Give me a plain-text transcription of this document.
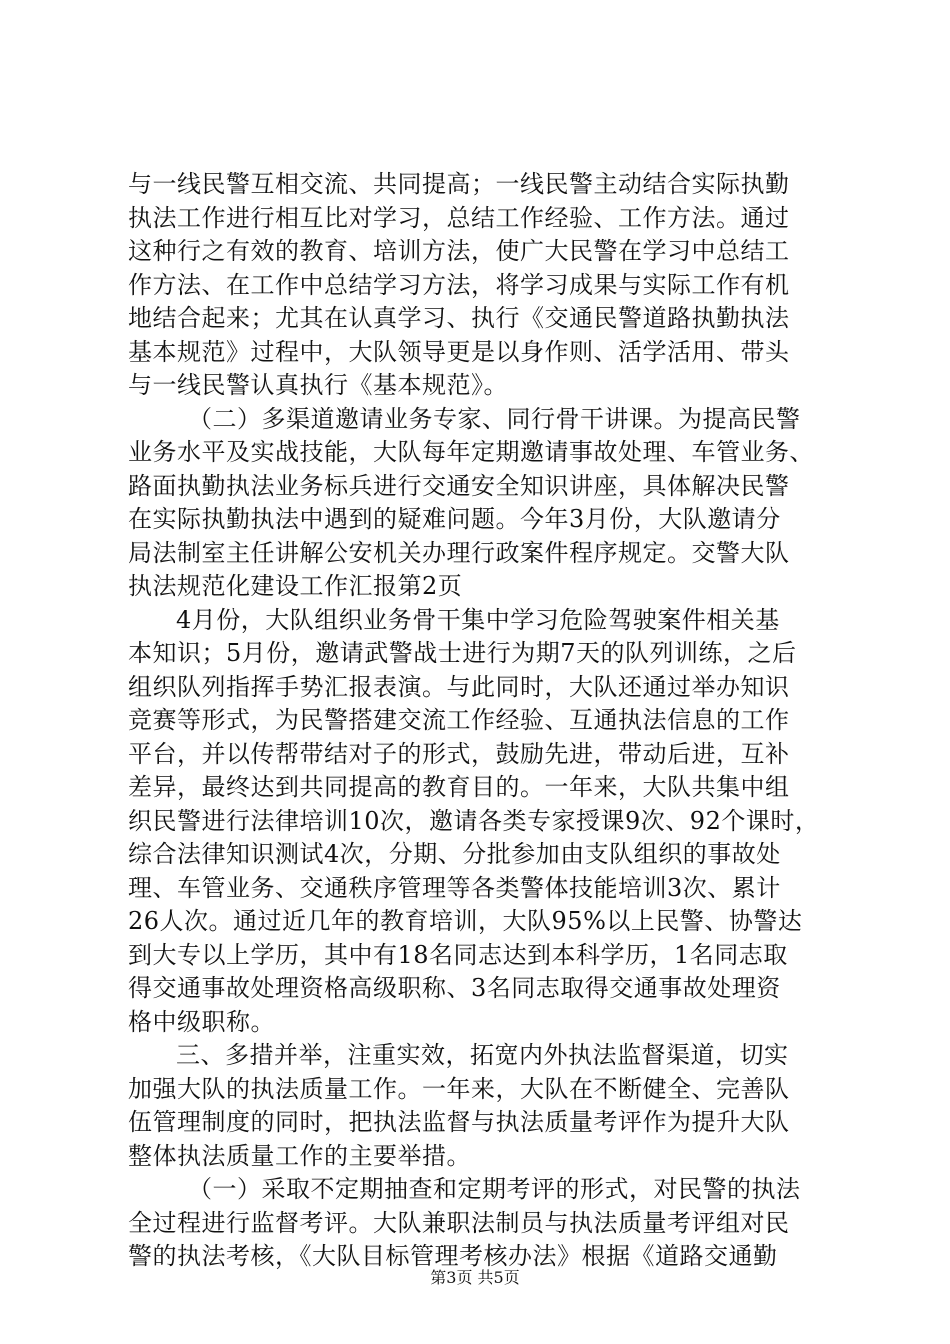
与一线民警互相交流、共同提高；一线民警主动结合实际执勤
执法工作进行相互比对学习，总结工作经验、工作方法。通过
这种行之有效的教育、培训方法，使广大民警在学习中总结工
作方法、在工作中总结学习方法，将学习成果与实际工作有机
地结合起来；尤其在认真学习、执行《交通民警道路执勤执法
基本规范》过程中，大队领导更是以身作则、活学活用、带头
与一线民警认真执行《基本规范》。
（二）多渠道邀请业务专家、同行骨干讲课。为提高民警
业务水平及实战技能，大队每年定期邀请事故处理、车管业务、
路面执勤执法业务标兵进行交通安全知识讲座，具体解决民警
在实际执勤执法中遇到的疑难问题。今年3月份，大队邀请分
局法制室主任讲解公安机关办理行政案件程序规定。交警大队
执法规范化建设工作汇报第2页
4月份，大队组织业务骨干集中学习危险驾驶案件相关基
本知识；5月份，邀请武警战士进行为期7天的队列训练，之后
组织队列指挥手势汇报表演。与此同时，大队还通过举办知识
竞赛等形式，为民警搭建交流工作经验、互通执法信息的工作
平台，并以传帮带结对子的形式，鼓励先进，带动后进，互补
差异，最终达到共同提高的教育目的。一年来，大队共集中组
织民警进行法律培训10次，邀请各类专家授课9次、92个课时，
综合法律知识测试4次，分期、分批参加由支队组织的事故处
理、车管业务、交通秩序管理等各类警体技能培训3次、累计
26人次。通过近几年的教育培训，大队95%以上民警、协警达
到大专以上学历，其中有18名同志达到本科学历，1名同志取
得交通事故处理资格高级职称、3名同志取得交通事故处理资
格中级职称。
三、多措并举，注重实效，拓宽内外执法监督渠道，切实
加强大队的执法质量工作。一年来，大队在不断健全、完善队
伍管理制度的同时，把执法监督与执法质量考评作为提升大队
整体执法质量工作的主要举措。
（一）采取不定期抽查和定期考评的形式，对民警的执法
全过程进行监督考评。大队兼职法制员与执法质量考评组对民
警的执法考核，《大队目标管理考核办法》根据《道路交通勤
第3页 共5页
